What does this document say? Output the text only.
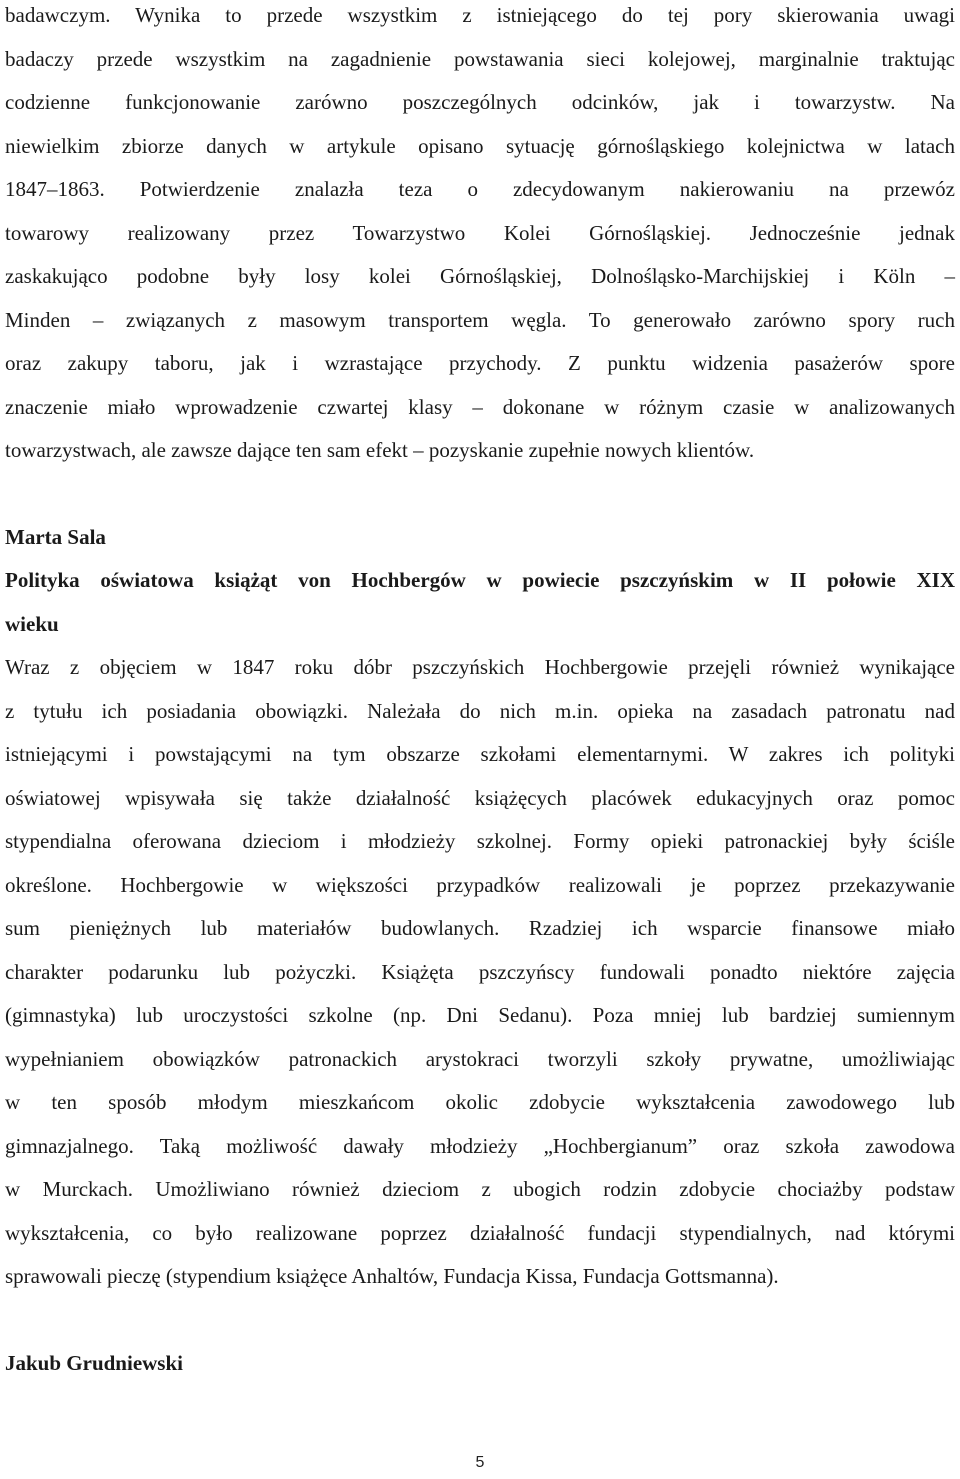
badawczym. Wynika to przede wszystkim z istniejącego do tej pory skierowania uwagi
badaczy przede wszystkim na zagadnienie powstawania sieci kolejowej, marginalnie traktując
codzienne funkcjonowanie zarówno poszczególnych odcinków, jak i towarzystw. Na
niewielkim zbiorze danych w artykule opisano sytuację górnośląskiego kolejnictwa w latach
1847–1863. Potwierdzenie znalazła teza o zdecydowanym nakierowaniu na przewóz
towarowy realizowany przez Towarzystwo Kolei Górnośląskiej. Jednocześnie jednak
zaskakująco podobne były losy kolei Górnośląskiej, Dolnośląsko-Marchijskiej i Köln –
Minden – związanych z masowym transportem węgla. To generowało zarówno spory ruch
oraz zakupy taboru, jak i wzrastające przychody. Z punktu widzenia pasażerów spore
znaczenie miało wprowadzenie czwartej klasy – dokonane w różnym czasie w analizowanych
towarzystwach, ale zawsze dające ten sam efekt – pozyskanie zupełnie nowych klientów.
Marta Sala
Polityka oświatowa książąt von Hochbergów w powiecie pszczyńskim w II połowie XIX
wieku
Wraz z objęciem w 1847 roku dóbr pszczyńskich Hochbergowie przejęli również wynikające
z tytułu ich posiadania obowiązki. Należała do nich m.in. opieka na zasadach patronatu nad
istniejącymi i powstającymi na tym obszarze szkołami elementarnymi. W zakres ich polityki
oświatowej wpisywała się także działalność książęcych placówek edukacyjnych oraz pomoc
stypendialna oferowana dzieciom i młodzieży szkolnej. Formy opieki patronackiej były ściśle
określone. Hochbergowie w większości przypadków realizowali je poprzez przekazywanie
sum pieniężnych lub materiałów budowlanych. Rzadziej ich wsparcie finansowe miało
charakter podarunku lub pożyczki. Książęta pszczyńscy fundowali ponadto niektóre zajęcia
(gimnastyka) lub uroczystości szkolne (np. Dni Sedanu). Poza mniej lub bardziej sumiennym
wypełnianiem obowiązków patronackich arystokraci tworzyli szkoły prywatne, umożliwiając
w ten sposób młodym mieszkańcom okolic zdobycie wykształcenia zawodowego lub
gimnazjalnego. Taką możliwość dawały młodzieży „Hochbergianum” oraz szkoła zawodowa
w Murckach. Umożliwiano również dzieciom z ubogich rodzin zdobycie chociażby podstaw
wykształcenia, co było realizowane poprzez działalność fundacji stypendialnych, nad którymi
sprawowali pieczę (stypendium książęce Anhaltów, Fundacja Kissa, Fundacja Gottsmanna).
Jakub Grudniewski
5
